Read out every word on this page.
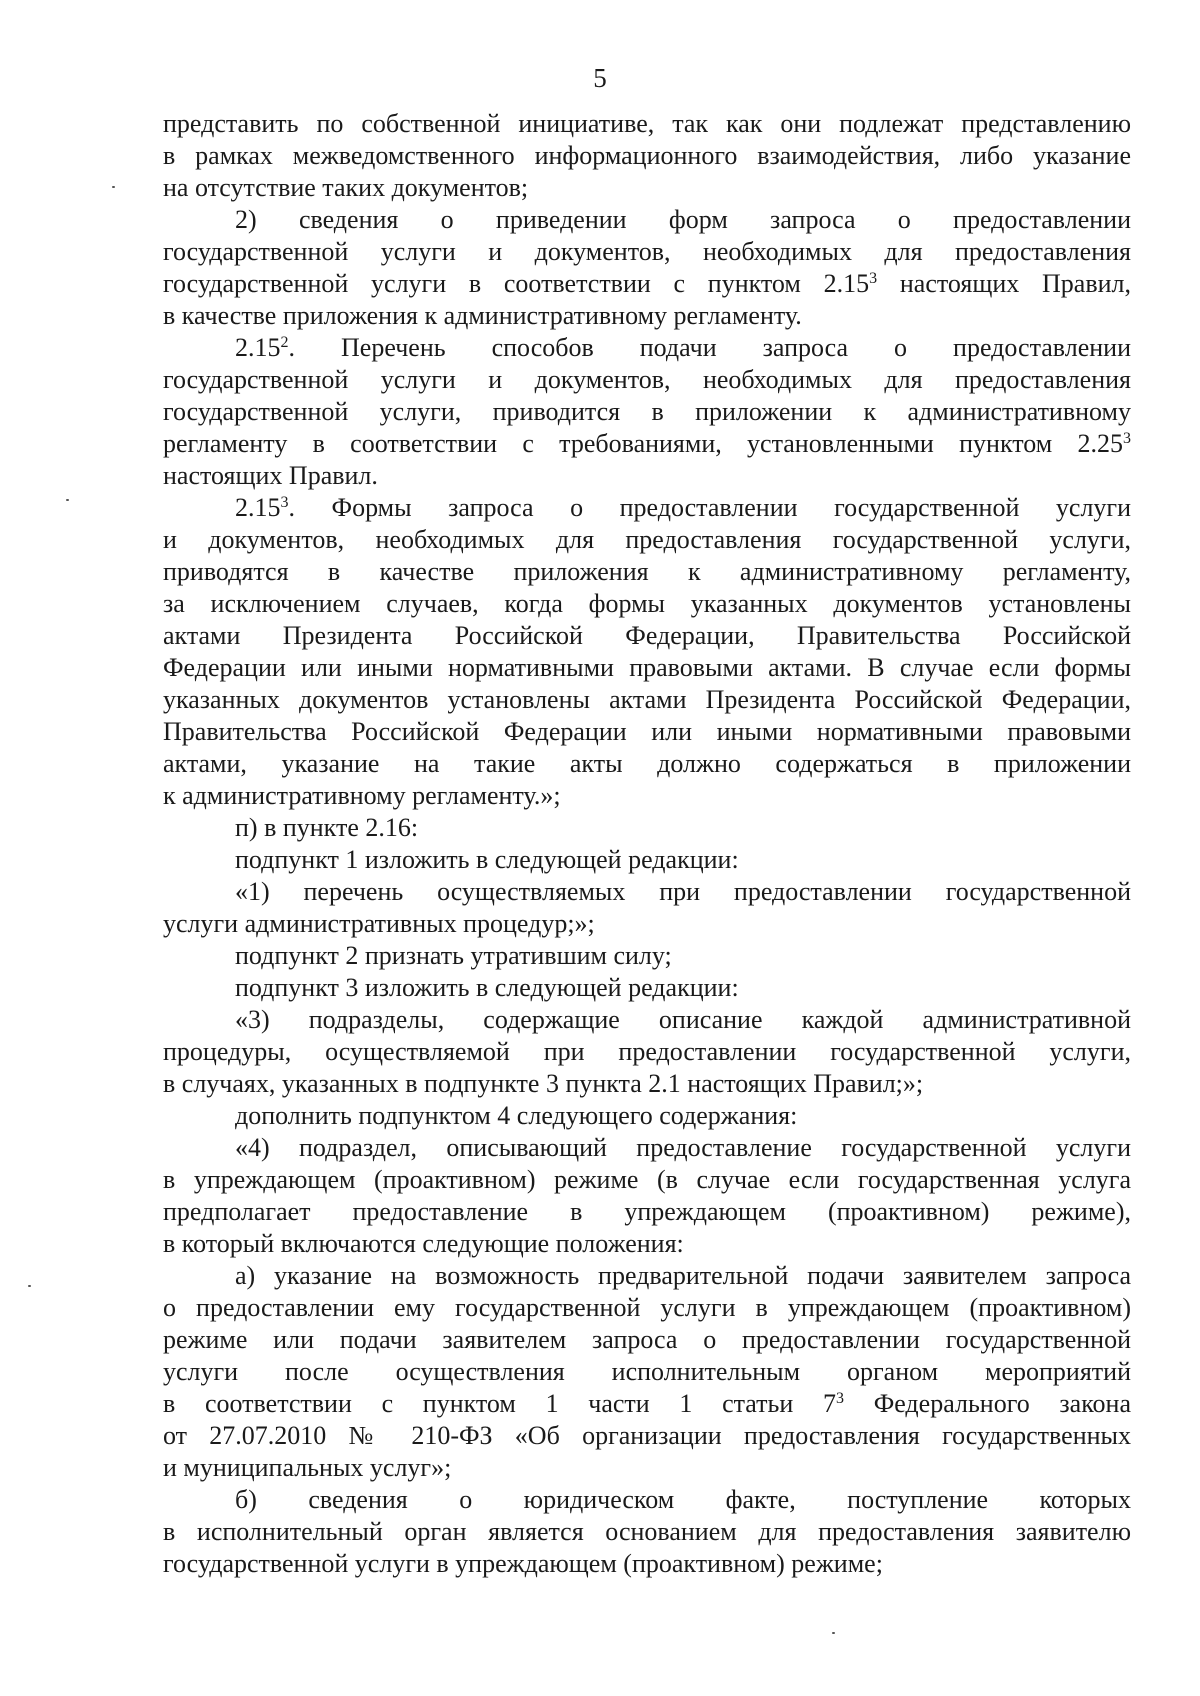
5
представить по собственной инициативе, так как они подлежат представлению
в рамках межведомственного информационного взаимодействия, либо указание
на отсутствие таких документов;
2) сведения о приведении форм запроса о предоставлении
государственной услуги и документов, необходимых для предоставления
государственной услуги в соответствии с пунктом 2.15$^3$ настоящих Правил,
в качестве приложения к административному регламенту.
2.15$^2$. Перечень способов подачи запроса о предоставлении
государственной услуги и документов, необходимых для предоставления
государственной услуги, приводится в приложении к административному
регламенту в соответствии с требованиями, установленными пунктом 2.25$^3$
настоящих Правил.
2.15$^3$. Формы запроса о предоставлении государственной услуги
и документов, необходимых для предоставления государственной услуги,
приводятся в качестве приложения к административному регламенту,
за исключением случаев, когда формы указанных документов установлены
актами Президента Российской Федерации, Правительства Российской
Федерации или иными нормативными правовыми актами. В случае если формы
указанных документов установлены актами Президента Российской Федерации,
Правительства Российской Федерации или иными нормативными правовыми
актами, указание на такие акты должно содержаться в приложении
к административному регламенту.»;
п) в пункте 2.16:
подпункт 1 изложить в следующей редакции:
«1) перечень осуществляемых при предоставлении государственной
услуги административных процедур;»;
подпункт 2 признать утратившим силу;
подпункт 3 изложить в следующей редакции:
«3) подразделы, содержащие описание каждой административной
процедуры, осуществляемой при предоставлении государственной услуги,
в случаях, указанных в подпункте 3 пункта 2.1 настоящих Правил;»;
дополнить подпунктом 4 следующего содержания:
«4) подраздел, описывающий предоставление государственной услуги
в упреждающем (проактивном) режиме (в случае если государственная услуга
предполагает предоставление в упреждающем (проактивном) режиме),
в который включаются следующие положения:
а) указание на возможность предварительной подачи заявителем запроса
о предоставлении ему государственной услуги в упреждающем (проактивном)
режиме или подачи заявителем запроса о предоставлении государственной
услуги после осуществления исполнительным органом мероприятий
в соответствии с пунктом 1 части 1 статьи $7^3$ Федерального закона
от 27.07.2010 № 210-ФЗ «Об организации предоставления государственных
и муниципальных услуг»;
б) сведения о юридическом факте, поступление которых
в исполнительный орган является основанием для предоставления заявителю
государственной услуги в упреждающем (проактивном) режиме;
